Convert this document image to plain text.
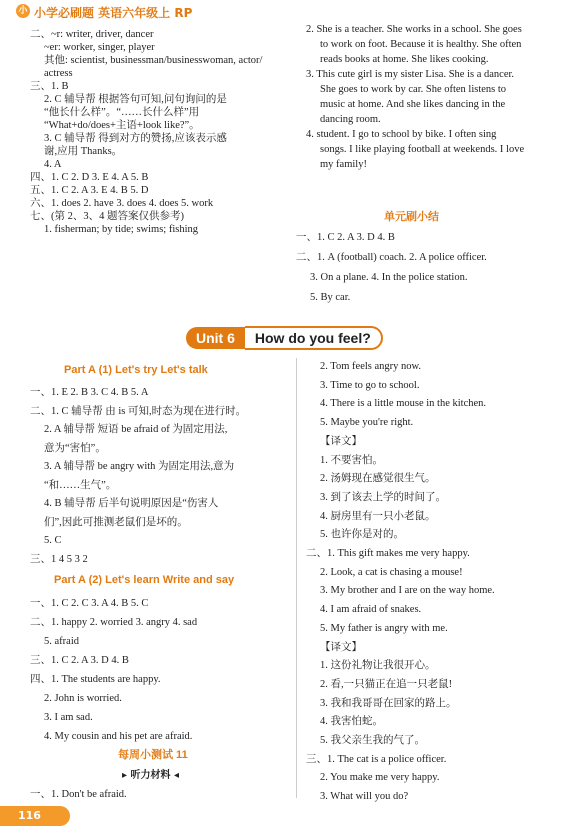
小 小学必刷题 英语六年级上 RP

二、~r: writer, driver, dancer

~er: worker, singer, player

其他: scientist, businessman/businesswoman, actor/

actress

三、1. B

2. C 辅导帮 根据答句可知,问句询问的是

“他长什么样”。“……长什么样”用

“What+do/does+主语+look like?”。

3. C 辅导帮 得到对方的赞扬,应该表示感

谢,应用 Thanks。

4. A

四、1. C 2. D 3. E 4. A 5. B

五、1. C 2. A 3. E 4. B 5. D

六、1. does 2. have 3. does 4. does 5. work

七、(第 2、3、4 题答案仅供参考)

1. fisherman; by tide; swims; fishing

2. She is a teacher. She works in a school. She goes

to work on foot. Because it is healthy. She often

reads books at home. She likes cooking.

3. This cute girl is my sister Lisa. She is a dancer.

She goes to work by car. She often listens to

music at home. And she likes dancing in the

dancing room.

4. student. I go to school by bike. I often sing

songs. I like playing football at weekends. I love

my family!

单元刷小结

一、1. C 2. A 3. D 4. B

二、1. A (football) coach. 2. A police officer.

3. On a plane. 4. In the police station.

5. By car.

Unit 6	How do you feel?
Part A (1) Let's try Let's talk

一、1. E 2. B 3. C 4. B 5. A

二、1. C 辅导帮 由 is 可知,时态为现在进行时。

2. A 辅导帮 短语 be afraid of 为固定用法,

意为“害怕”。

3. A 辅导帮 be angry with 为固定用法,意为

“和……生气”。

4. B 辅导帮 后半句说明原因是“伤害人

们”,因此可推测老鼠们是坏的。

5. C

三、1 4 5 3 2

Part A (2) Let's learn Write and say

一、1. C 2. C 3. A 4. B 5. C

二、1. happy 2. worried 3. angry 4. sad

5. afraid

三、1. C 2. A 3. D 4. B

四、1. The students are happy.

2. John is worried.

3. I am sad.

4. My cousin and his pet are afraid.

每周小测试 11
▸ 听力材料 ◂
一、1. Don't be afraid.

2. Tom feels angry now.

3. Time to go to school.

4. There is a little mouse in the kitchen.

5. Maybe you're right.

【译文】

1. 不要害怕。

2. 汤姆现在感觉很生气。

3. 到了该去上学的时间了。

4. 厨房里有一只小老鼠。

5. 也许你是对的。

二、1. This gift makes me very happy.

2. Look, a cat is chasing a mouse!

3. My brother and I are on the way home.

4. I am afraid of snakes.

5. My father is angry with me.

【译文】

1. 这份礼物让我很开心。

2. 看,一只猫正在追一只老鼠!

3. 我和我哥哥在回家的路上。

4. 我害怕蛇。

5. 我父亲生我的气了。

三、1. The cat is a police officer.

2. You make me very happy.

3. What will you do?

116
